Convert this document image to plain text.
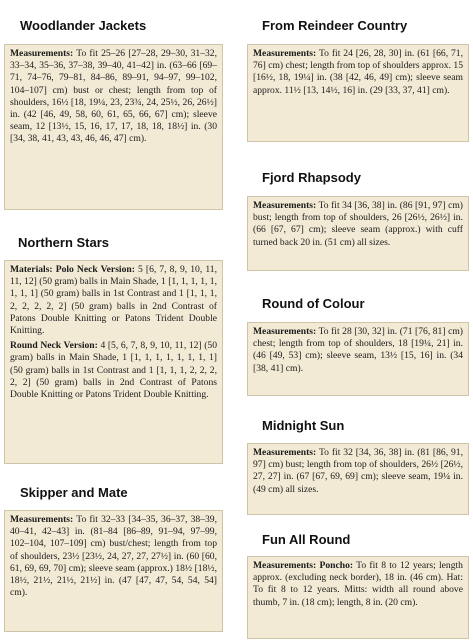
Woodlander Jackets

Measurements: To fit 25–26 [27–28, 29–30, 31–32, 33–34, 35–36, 37–38, 39–40, 41–42] in. (63–66 [69–71, 74–76, 79–81, 84–86, 89–91, 94–97, 99–102, 104–107] cm) bust or chest; length from top of shoulders, 16½ [18, 19¼, 23, 23¾, 24, 25½, 26, 26½] in. (42 [46, 49, 58, 60, 61, 65, 66, 67] cm); sleeve seam, 12 [13½, 15, 16, 17, 17, 18, 18, 18½] in. (30 [34, 38, 41, 43, 43, 46, 46, 47] cm).

Northern Stars

Materials: Polo Neck Version: 5 [6, 7, 8, 9, 10, 11, 11, 12] (50 gram) balls in Main Shade, 1 [1, 1, 1, 1, 1, 1, 1, 1] (50 gram) balls in 1st Contrast and 1 [1, 1, 1, 2, 2, 2, 2, 2] (50 gram) balls in 2nd Contrast of Patons Double Knitting or Patons Trident Double Knitting.

Round Neck Version: 4 [5, 6, 7, 8, 9, 10, 11, 12] (50 gram) balls in Main Shade, 1 [1, 1, 1, 1, 1, 1, 1, 1] (50 gram) balls in 1st Contrast and 1 [1, 1, 1, 2, 2, 2, 2, 2] (50 gram) balls in 2nd Contrast of Patons Double Knitting or Patons Trident Double Knitting.

Skipper and Mate

Measurements: To fit 32–33 [34–35, 36–37, 38–39, 40–41, 42–43] in. (81–84 [86–89, 91–94, 97–99, 102–104, 107–109] cm) bust/chest; length from top of shoulders, 23½ [23½, 24, 27, 27, 27½] in. (60 [60, 61, 69, 69, 70] cm); sleeve seam (approx.) 18½ [18½, 18½, 21½, 21½, 21½] in. (47 [47, 47, 54, 54, 54] cm).

From Reindeer Country

Measurements: To fit 24 [26, 28, 30] in. (61 [66, 71, 76] cm) chest; length from top of shoulders approx. 15 [16½, 18, 19¼] in. (38 [42, 46, 49] cm); sleeve seam approx. 11½ [13, 14½, 16] in. (29 [33, 37, 41] cm).

Fjord Rhapsody

Measurements: To fit 34 [36, 38] in. (86 [91, 97] cm) bust; length from top of shoulders, 26 [26½, 26½] in. (66 [67, 67] cm); sleeve seam (approx.) with cuff turned back 20 in. (51 cm) all sizes.

Round of Colour

Measurements: To fit 28 [30, 32] in. (71 [76, 81] cm) chest; length from top of shoulders, 18 [19¼, 21] in. (46 [49, 53] cm); sleeve seam, 13½ [15, 16] in. (34 [38, 41] cm).

Midnight Sun

Measurements: To fit 32 [34, 36, 38] in. (81 [86, 91, 97] cm) bust; length from top of shoulders, 26½ [26½, 27, 27] in. (67 [67, 69, 69] cm); sleeve seam, 19¼ in. (49 cm) all sizes.

Fun All Round

Measurements: Poncho: To fit 8 to 12 years; length approx. (excluding neck border), 18 in. (46 cm). Hat: To fit 8 to 12 years. Mitts: width all round above thumb, 7 in. (18 cm); length, 8 in. (20 cm).
